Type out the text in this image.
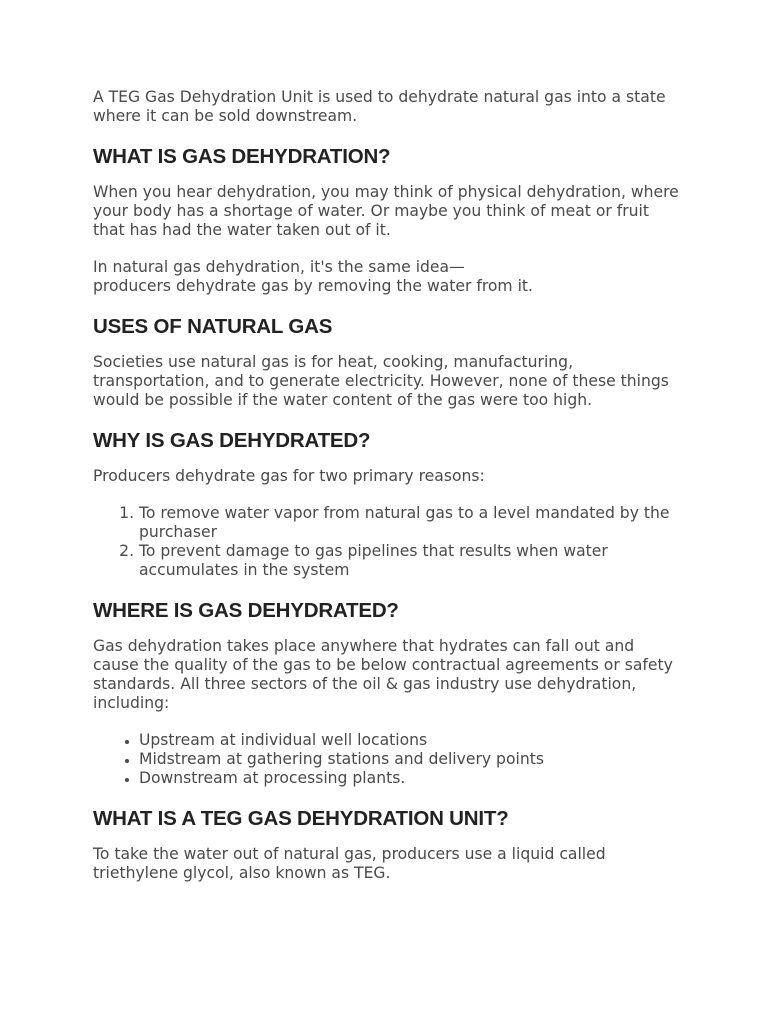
A TEG Gas Dehydration Unit is used to dehydrate natural gas into a state where it can be sold downstream.

WHAT IS GAS DEHYDRATION?

When you hear dehydration, you may think of physical dehydration, where your body has a shortage of water. Or maybe you think of meat or fruit that has had the water taken out of it.

In natural gas dehydration, it's the same idea—
producers dehydrate gas by removing the water from it.

USES OF NATURAL GAS

Societies use natural gas is for heat, cooking, manufacturing, transportation, and to generate electricity. However, none of these things would be possible if the water content of the gas were too high.

WHY IS GAS DEHYDRATED?

Producers dehydrate gas for two primary reasons:

1. To remove water vapor from natural gas to a level mandated by the purchaser
2. To prevent damage to gas pipelines that results when water accumulates in the system
WHERE IS GAS DEHYDRATED?

Gas dehydration takes place anywhere that hydrates can fall out and cause the quality of the gas to be below contractual agreements or safety standards. All three sectors of the oil & gas industry use dehydration, including:

• Upstream at individual well locations
• Midstream at gathering stations and delivery points
• Downstream at processing plants.
WHAT IS A TEG GAS DEHYDRATION UNIT?

To take the water out of natural gas, producers use a liquid called triethylene glycol, also known as TEG.
